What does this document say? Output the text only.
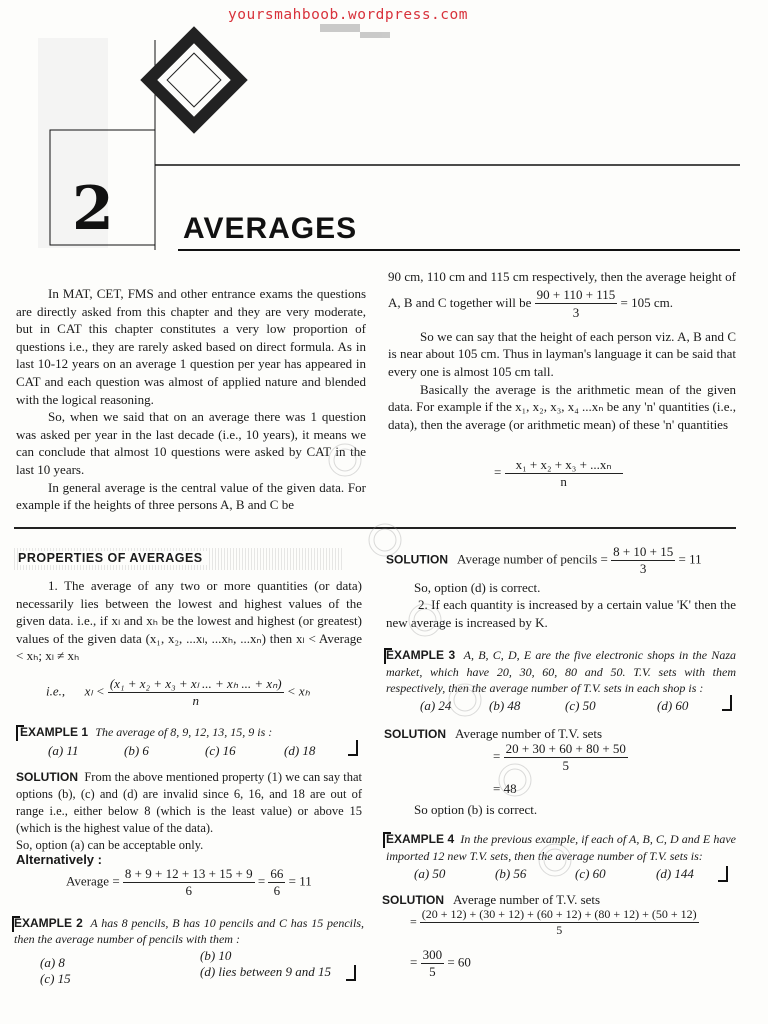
yoursmahboob.wordpress.com
2 AVERAGES

In MAT, CET, FMS and other entrance exams the questions are directly asked from this chapter and they are very moderate, but in CAT this chapter constitutes a very low proportion of questions i.e., they are rarely asked based on direct formula. As in last 10-12 years on an average 1 question per year has appeared in CAT and each question was almost of applied nature and blended with the logical reasoning.

So, when we said that on an average there was 1 question was asked per year in the last decade (i.e., 10 years), it means we can conclude that almost 10 questions were asked by CAT in the last 10 years.

In general average is the central value of the given data. For example if the heights of three persons A, B and C be

90 cm, 110 cm and 115 cm respectively, then the average height of A, B and C together will be $\frac{90 + 110 + 115}{3} = 105$ cm.

So we can say that the height of each person viz. A, B and C is near about 105 cm. Thus in layman's language it can be said that every one is almost 105 cm tall.

Basically the average is the arithmetic mean of the given data. For example if the x₁, x₂, x₃, x₄ ...xₙ be any 'n' quantities (i.e., data), then the average (or arithmetic mean) of these 'n' quantities

= $\frac{\text{x₁ + x₂ + x₃ + ...xₙ}}{n}$
PROPERTIES OF AVERAGES

1. The average of any two or more quantities (or data) necessarily lies between the lowest and highest values of the given data. i.e., if xₗ and xₕ be the lowest and highest (or greatest) values of the given data (x₁, x₂, ...xₗ, ...xₕ, ...xₙ) then xₗ < Average < xₕ; xₗ ≠ xₕ

i.e., $x_l < \frac{\text{(x₁ + x₂ + x₃ + xₗ ... + xₕ ... + xₙ)}}{n} < x_h$
EXAMPLE 1 The average of 8, 9, 12, 13, 15, 9 is :
(a) 11	(b) 6	(c) 16	(d) 18

SOLUTION From the above mentioned property (1) we can say that options (b), (c) and (d) are invalid since 6, 16, and 18 are out of range i.e., either below 8 (which is the least value) or above 15 (which is the highest value of the data).

So, option (a) can be acceptable only.

Alternatively :
Average = $\frac{8 + 9 + 12 + 13 + 15 + 9}{6} = \frac{66}{6} = 11$

EXAMPLE 2 A has 8 pencils, B has 10 pencils and C has 15 pencils, then the average number of pencils with them :

(a) 8	(b) 10
(c) 15	(d) lies between 9 and 15
SOLUTION Average number of pencils = $\frac{8 + 10 + 15}{3} = 11$
So, option (d) is correct.

2. If each quantity is increased by a certain value 'K' then the new average is increased by K.

EXAMPLE 3 A, B, C, D, E are the five electronic shops in the Naza market, which have 20, 30, 60, 80 and 50. T.V. sets with them respectively, then the average number of T.V. sets in each shop is :

(a) 24	(b) 48	(c) 50	(d) 60
SOLUTION Average number of T.V. sets
= $\frac{20 + 30 + 60 + 80 + 50}{5}$
= 48
So option (b) is correct.

EXAMPLE 4 In the previous example, if each of A, B, C, D and E have imported 12 new T.V. sets, then the average number of T.V. sets is:

(a) 50	(b) 56	(c) 60	(d) 144
SOLUTION Average number of T.V. sets
= $\frac{(20 + 12) + (30 + 12) + (60 + 12) + (80 + 12) + (50 + 12)}{5}$
= $\frac{300}{5} = 60$
